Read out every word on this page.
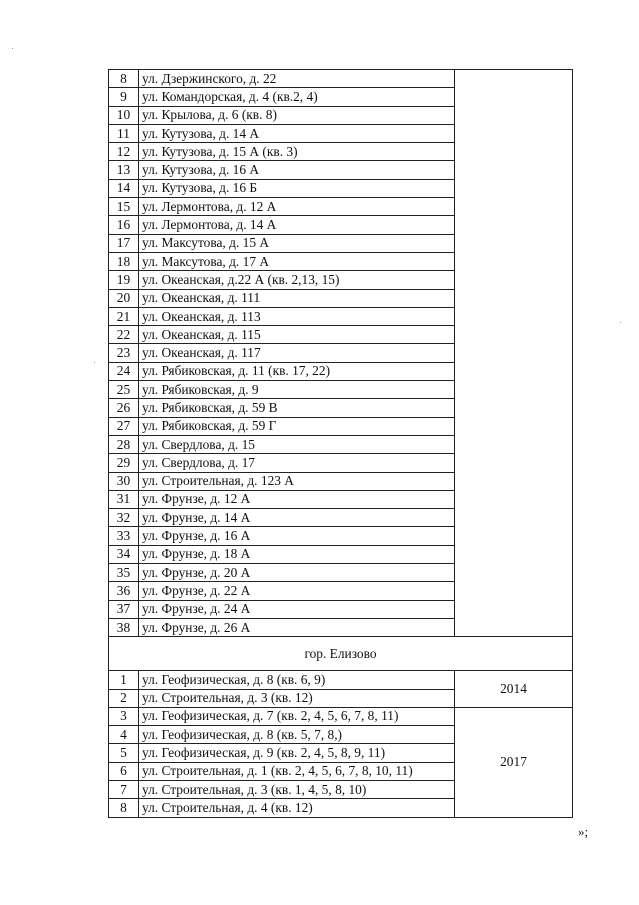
8	ул. Дзержинского, д. 22	
9	ул. Командорская, д. 4 (кв.2, 4)	
10	ул. Крылова, д. 6 (кв. 8)	
11	ул. Кутузова, д. 14 А	
12	ул. Кутузова, д. 15 А (кв. 3)	
13	ул. Кутузова, д. 16 А	
14	ул. Кутузова, д. 16 Б	
15	ул. Лермонтова, д. 12 А	
16	ул. Лермонтова, д. 14 А	
17	ул. Максутова, д. 15 А	
18	ул. Максутова, д. 17 А	
19	ул. Океанская, д.22 А (кв. 2,13, 15)	
20	ул. Океанская, д. 111	
21	ул. Океанская, д. 113	
22	ул. Океанская, д. 115	
23	ул. Океанская, д. 117	
24	ул. Рябиковская, д. 11 (кв. 17, 22)	
25	ул. Рябиковская, д. 9	
26	ул. Рябиковская, д. 59 В	
27	ул. Рябиковская, д. 59 Г	
28	ул. Свердлова, д. 15	
29	ул. Свердлова, д. 17	
30	ул. Строительная, д. 123 А	
31	ул. Фрунзе, д. 12 А	
32	ул. Фрунзе, д. 14 А	
33	ул. Фрунзе, д. 16 А	
34	ул. Фрунзе, д. 18 А	
35	ул. Фрунзе, д. 20 А	
36	ул. Фрунзе, д. 22 А	
37	ул. Фрунзе, д. 24 А	
38	ул. Фрунзе, д. 26 А	
гор. Елизово		
1	ул. Геофизическая, д. 8 (кв. 6, 9)	2014
2	ул. Строительная, д. 3 (кв. 12)	
3	ул. Геофизическая, д. 7 (кв. 2, 4, 5, 6, 7, 8, 11)	2017
4	ул. Геофизическая, д. 8 (кв. 5, 7, 8,)	
5	ул. Геофизическая, д. 9 (кв. 2, 4, 5, 8, 9, 11)	
6	ул. Строительная, д. 1 (кв. 2, 4, 5, 6, 7, 8, 10, 11)	
7	ул. Строительная, д. 3 (кв. 1, 4, 5, 8, 10)	
8	ул. Строительная, д. 4 (кв. 12)	
»;
